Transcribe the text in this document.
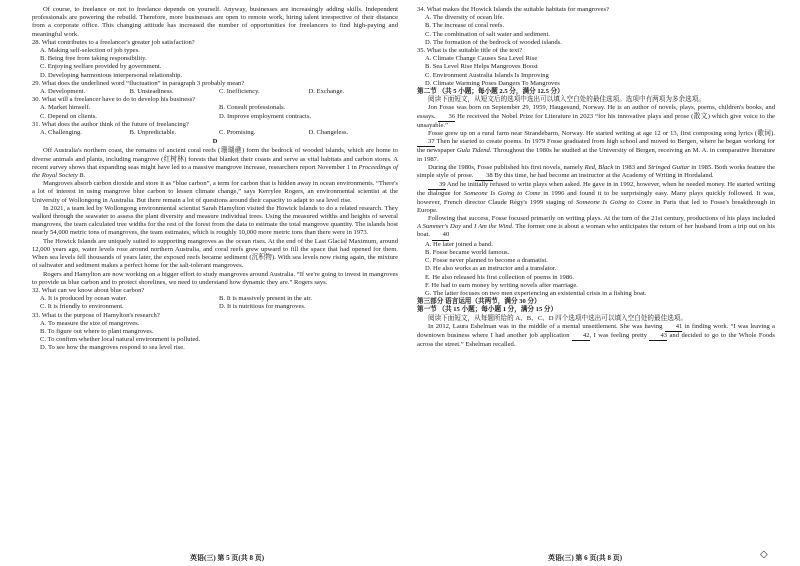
Of course, to freelance or not to freelance depends on yourself. Anyway, businesses are increasingly adding skills. Independent professionals are powering the rebuild. Therefore, more businesses are open to remote work, hiring talent irrespective of their distance from a corporate office. This changing attitude has increased the number of opportunities for freelancers to find high-paying and meaningful work.

28. What contributes to a freelancer's greater job satisfaction?

A. Making self-selection of job types.

B. Being free from taking responsibility.

C. Enjoying welfare provided by government.

D. Developing harmonious interpersonal relationship.

29. What does the underlined word “fluctuation” in paragraph 3 probably mean?

A. Development.	B. Unsteadiness.	C. Inefficiency.	D. Exchange.

30. What will a freelancer have to do to develop his business?

A. Market himself.	B. Consult professionals.
C. Depend on clients.	D. Improve employment contracts.

31. What does the author think of the future of freelancing?

A. Challenging.	B. Unpredictable.	C. Promising.	D. Changeless.

D

Off Australia's northern coast, the remains of ancient coral reefs (珊瑚礁) form the bedrock of wooded islands, which are home to diverse animals and plants, including mangrove (红树林) forests that blanket their coasts and serve as vital habitats and carbon stores. A recent survey shows that expanding seas might have led to a massive mangrove increase, researchers report November 1 in Proceedings of the Royal Society B.

Mangroves absorb carbon dioxide and store it as “blue carbon”, a term for carbon that is hidden away in ocean environments. “There's a lot of interest in using mangrove blue carbon to lessen climate change,” says Kerrylee Rogers, an environmental scientist at the University of Wollongong in Australia. But there remain a lot of questions around their capacity to adapt to sea level rise.

In 2021, a team led by Wollongong environmental scientist Sarah Hamylton visited the Howick Islands to do a related research. They walked through the seawater to assess the plant diversity and measure individual trees. Using the measured widths and heights of several mangroves, the team calculated tree widths for the rest of the forest from the data to estimate the total mangrove quantity. The islands host nearly 54,000 metric tons of mangroves, the team estimates, which is roughly 10,000 more metric tons than there were in 1973.

The Howick Islands are uniquely suited to supporting mangroves as the ocean rises. At the end of the Last Glacial Maximum, around 12,000 years ago, water levels rose around northern Australia, and coral reefs grew upward to fill the space that had opened for them. When sea levels fell thousands of years later, the exposed reefs became sediment (沉积物). With sea levels now rising again, the mixture of saltwater and sediment makes a perfect home for the salt-tolerant mangroves.

Rogers and Hamylton are now working on a bigger effort to study mangroves around Australia. “If we're going to invest in mangroves to provide us blue carbon and to protect shorelines, we need to understand how dynamic they are.” Rogers says.

32. What can we know about blue carbon?

A. It is produced by ocean water.	B. It is massively present in the air.
C. It is friendly to environment.	D. It is nutritious for mangroves.

33. What is the purpose of Hamylton's research?

A. To measure the size of mangroves.

B. To figure out where to plant mangroves.

C. To confirm whether local natural environment is polluted.

D. To see how the mangroves respond to sea level rise.

34. What makes the Howick Islands the suitable habitats for mangroves?

A. The diversity of ocean life.

B. The increase of coral reefs.

C. The combination of salt water and sediment.

D. The formation of the bedrock of wooded islands.

35. What is the suitable title of the text?

A. Climate Change Causes Sea Level Rise

B. Sea Level Rise Helps Mangroves Boost

C. Environment Australia Islands Is Improving

D. Climate Warming Poses Dangers To Mangroves

第二节 （共 5 小题；每小题 2.5 分，满分 12.5 分）

阅读下面短文，从短文后的选项中选出可以填入空白处的最佳选项。选项中有两项为多余选项。

Jon Fosse was born on September 29, 1959, Haugesund, Norway. He is an author of novels, plays, poems, children's books, and essays. 36 He received the Nobel Prize for Literature in 2023 “for his innovative plays and prose (散文) which give voice to the unsayable.”

Fosse grew up on a rural farm near Strandebarm, Norway. He started writing at age 12 or 13, first composing song lyrics (歌词). 37 Then he started to create poems. In 1979 Fosse graduated from high school and moved to Bergen, where he began working for the newspaper Gula Tidend. Throughout the 1980s he studied at the University of Bergen, receiving an M. A. in comparative literature in 1987.

During the 1980s, Fosse published his first novels, namely Red, Black in 1983 and Stringed Guitar in 1985. Both works feature the simple style of prose. 38 By this time, he had become an instructor at the Academy of Writing in Hordaland.

39 And he initially refused to write plays when asked. He gave in in 1992, however, when he needed money. He started writing the dialogue for Someone Is Going to Come in 1996 and found it to be surprisingly easy. Many plays quickly followed. It was, however, French director Claude Régy's 1999 staging of Someone Is Going to Come in Paris that led to Fosse's breakthrough in Europe.

Following that success, Fosse focused primarily on writing plays. At the turn of the 21st century, productions of his plays included A Summer's Day and I Am the Wind. The former one is about a woman who anticipates the return of her husband from a trip out on his boat. 40

A. He later joined a band.

B. Fosse became world famous.

C. Fosse never planned to become a dramatist.

D. He also works as an instructor and a translator.

E. He also released his first collection of poems in 1986.

F. He had to earn money by writing novels after marriage.

G. The latter focuses on two men experiencing an existential crisis in a fishing boat.

第三部分 语言运用（共两节，满分 30 分）

第一节 （共 15 小题；每小题 1 分，满分 15 分）

阅读下面短文，从每题所给的 A、B、C、D 四个选项中选出可以填入空白处的最佳选项。

In 2012, Laura Eshelman was in the middle of a mental unsettlement. She was having 41 in finding work. “I was leaving a downtown business where I had another job application 42, I was feeling pretty 43 and decided to go to the Whole Foods across the street.” Eshelman recalled.

英语(三) 第 5 页(共 8 页)	英语(三) 第 6 页(共 8 页)	◇
